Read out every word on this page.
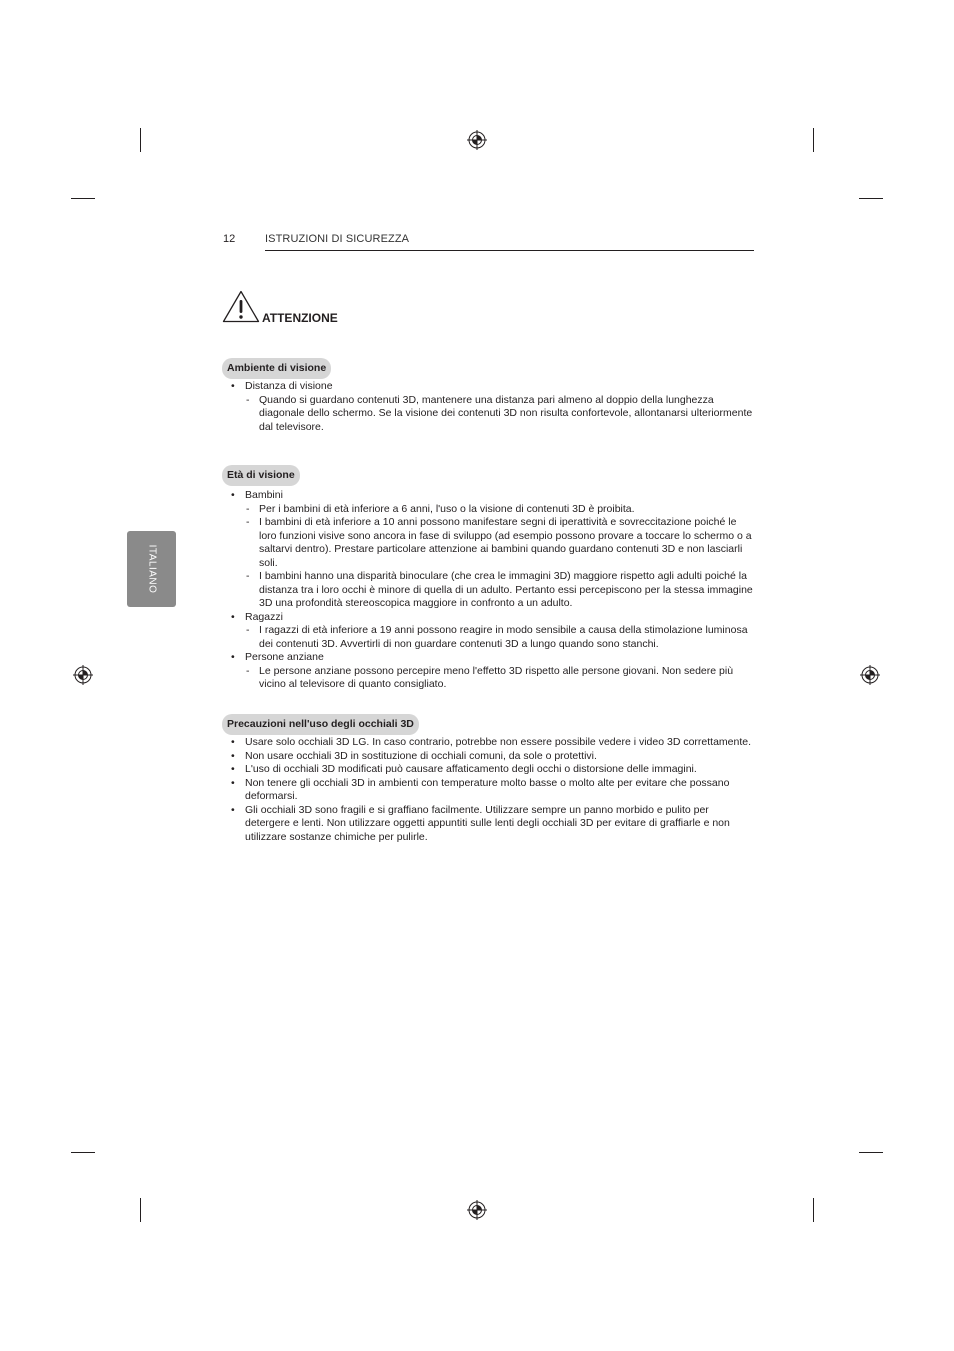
12	ISTRUZIONI DI SICUREZZA
ITALIANO
ATTENZIONE
Ambiente di visione
• Distanza di visione
- Quando si guardano contenuti 3D, mantenere una distanza pari almeno al doppio della lunghezza diagonale dello schermo. Se la visione dei contenuti 3D non risulta confortevole, allontanarsi ulteriormente dal televisore.
Età di visione
• Bambini
- Per i bambini di età inferiore a 6 anni, l'uso o la visione di contenuti 3D è proibita.
- I bambini di età inferiore a 10 anni possono manifestare segni di iperattività e sovreccitazione poiché le loro funzioni visive sono ancora in fase di sviluppo (ad esempio possono provare a toccare lo schermo o a saltarvi dentro). Prestare particolare attenzione ai bambini quando guardano contenuti 3D e non lasciarli soli.
- I bambini hanno una disparità binoculare (che crea le immagini 3D) maggiore rispetto agli adulti poiché la distanza tra i loro occhi è minore di quella di un adulto. Pertanto essi percepiscono per la stessa immagine 3D una profondità stereoscopica maggiore in confronto a un adulto.
• Ragazzi
- I ragazzi di età inferiore a 19 anni possono reagire in modo sensibile a causa della stimolazione luminosa dei contenuti 3D. Avvertirli di non guardare contenuti 3D a lungo quando sono stanchi.
• Persone anziane
- Le persone anziane possono percepire meno l'effetto 3D rispetto alle persone giovani. Non sedere più vicino al televisore di quanto consigliato.
Precauzioni nell'uso degli occhiali 3D
• Usare solo occhiali 3D LG. In caso contrario, potrebbe non essere possibile vedere i video 3D correttamente.
• Non usare occhiali 3D in sostituzione di occhiali comuni, da sole o protettivi.
• L'uso di occhiali 3D modificati può causare affaticamento degli occhi o distorsione delle immagini.
• Non tenere gli occhiali 3D in ambienti con temperature molto basse o molto alte per evitare che possano deformarsi.
• Gli occhiali 3D sono fragili e si graffiano facilmente. Utilizzare sempre un panno morbido e pulito per detergere e lenti. Non utilizzare oggetti appuntiti sulle lenti degli occhiali 3D per evitare di graffiarle e non utilizzare sostanze chimiche per pulirle.
